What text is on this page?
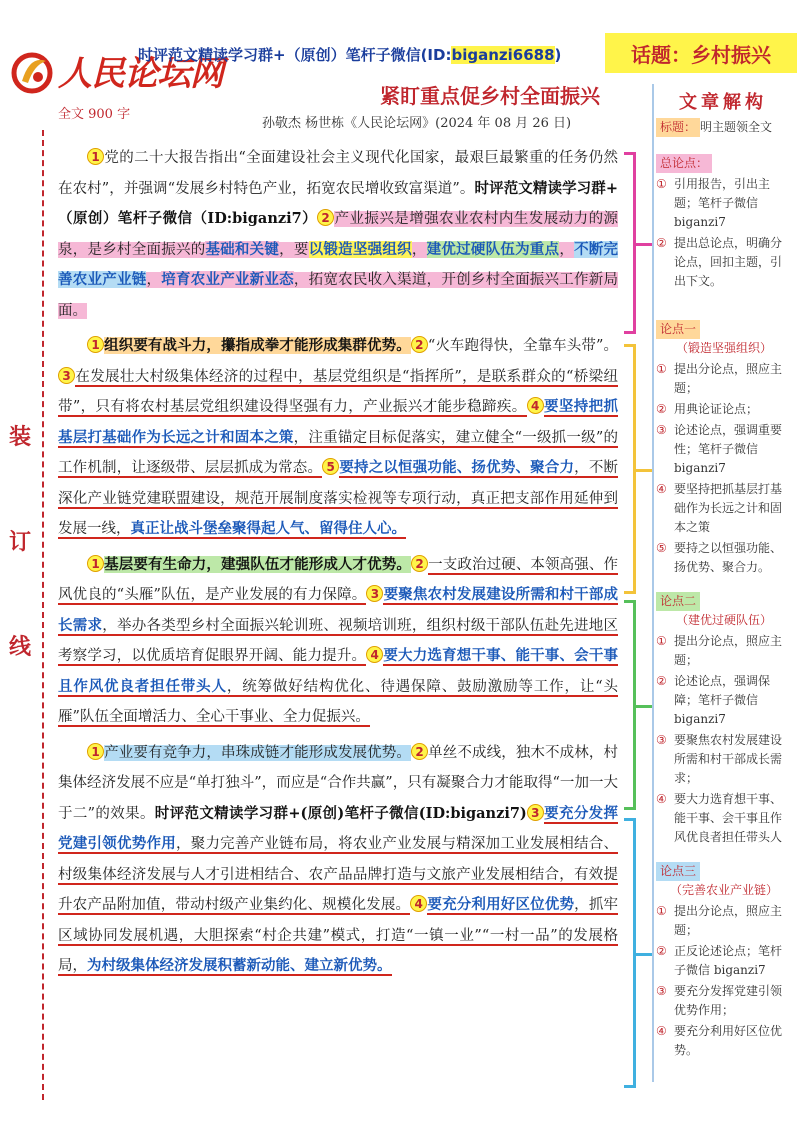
人民论坛网
时评范文精读学习群+（原创）笔杆子微信(ID:biganzi6688)	话题：乡村振兴
紧盯重点促乡村全面振兴
全文 900 字
孙敬杰 杨世栋《人民论坛网》(2024 年 08 月 26 日)
装
订
线

1 党的二十大报告指出“全面建设社会主义现代化国家，最艰巨最繁重的任务仍然在农村”，并强调“发展乡村特色产业，拓宽农民增收致富渠道”。时评范文精读学习群+（原创）笔杆子微信（ID:biganzi7） 2 产业振兴是增强农业农村内生发展动力的源泉，是乡村全面振兴的基础和关键，要以锻造坚强组织，建优过硬队伍为重点，不断完善农业产业链，培育农业产业新业态，拓宽农民收入渠道，开创乡村全面振兴工作新局面。

1 组织要有战斗力，攥指成拳才能形成集群优势。 2 “火车跑得快，全靠车头带”。3 在发展壮大村级集体经济的过程中，基层党组织是“指挥所”，是联系群众的“桥梁纽带”，只有将农村基层党组织建设得坚强有力，产业振兴才能步稳蹄疾。 4 要坚持把抓基层打基础作为长远之计和固本之策，注重锚定目标促落实，建立健全“一级抓一级”的工作机制，让逐级带、层层抓成为常态。 5 要持之以恒强功能、扬优势、聚合力，不断深化产业链党建联盟建设，规范开展制度落实检视等专项行动，真正把支部作用延伸到发展一线，真正让战斗堡垒聚得起人气、留得住人心。

1 基层要有生命力，建强队伍才能形成人才优势。 2 一支政治过硬、本领高强、作风优良的“头雁”队伍，是产业发展的有力保障。 3 要聚焦农村发展建设所需和村干部成长需求，举办各类型乡村全面振兴轮训班、视频培训班，组织村级干部队伍赴先进地区考察学习，以优质培育促眼界开阔、能力提升。 4 要大力选育想干事、能干事、会干事且作风优良者担任带头人，统筹做好结构优化、待遇保障、鼓励激励等工作，让“头雁”队伍全面增活力、全心干事业、全力促振兴。

1 产业要有竞争力，串珠成链才能形成发展优势。 2 单丝不成线，独木不成林，村集体经济发展不应是“单打独斗”，而应是“合作共赢”，只有凝聚合力才能取得“一加一大于二”的效果。时评范文精读学习群+(原创)笔杆子微信(ID:biganzi7) 3 要充分发挥党建引领优势作用，聚力完善产业链布局，将农业产业发展与精深加工业发展相结合、村级集体经济发展与人才引进相结合、农产品品牌打造与文旅产业发展相结合，有效提升农产品附加值，带动村级产业集约化、规模化发展。 4 要充分利用好区位优势，抓牢区域协同发展机遇，大胆探索“村企共建”模式，打造“一镇一业”“一村一品”的发展格局，为村级集体经济发展积蓄新动能、建立新优势。

文章解构
标题： 明主题领全文
总论点：
① 引用报告，引出主题；笔杆子微信 biganzi7
② 提出总论点，明确分论点，回扣主题，引出下文。
论点一
（锻造坚强组织）
① 提出分论点，照应主题；
② 用典论证论点；
③ 论述论点，强调重要性；笔杆子微信 biganzi7
④ 要坚持把抓基层打基础作为长远之计和固本之策
⑤ 要持之以恒强功能、扬优势、聚合力。
论点二
（建优过硬队伍）
① 提出分论点，照应主题；
② 论述论点，强调保障；笔杆子微信 biganzi7
③ 要聚焦农村发展建设所需和村干部成长需求；
④ 要大力选育想干事、能干事、会干事且作风优良者担任带头人
论点三
（完善农业产业链）
① 提出分论点，照应主题；
② 正反论述论点；笔杆子微信 biganzi7
③ 要充分发挥党建引领优势作用；
④ 要充分利用好区位优势。
